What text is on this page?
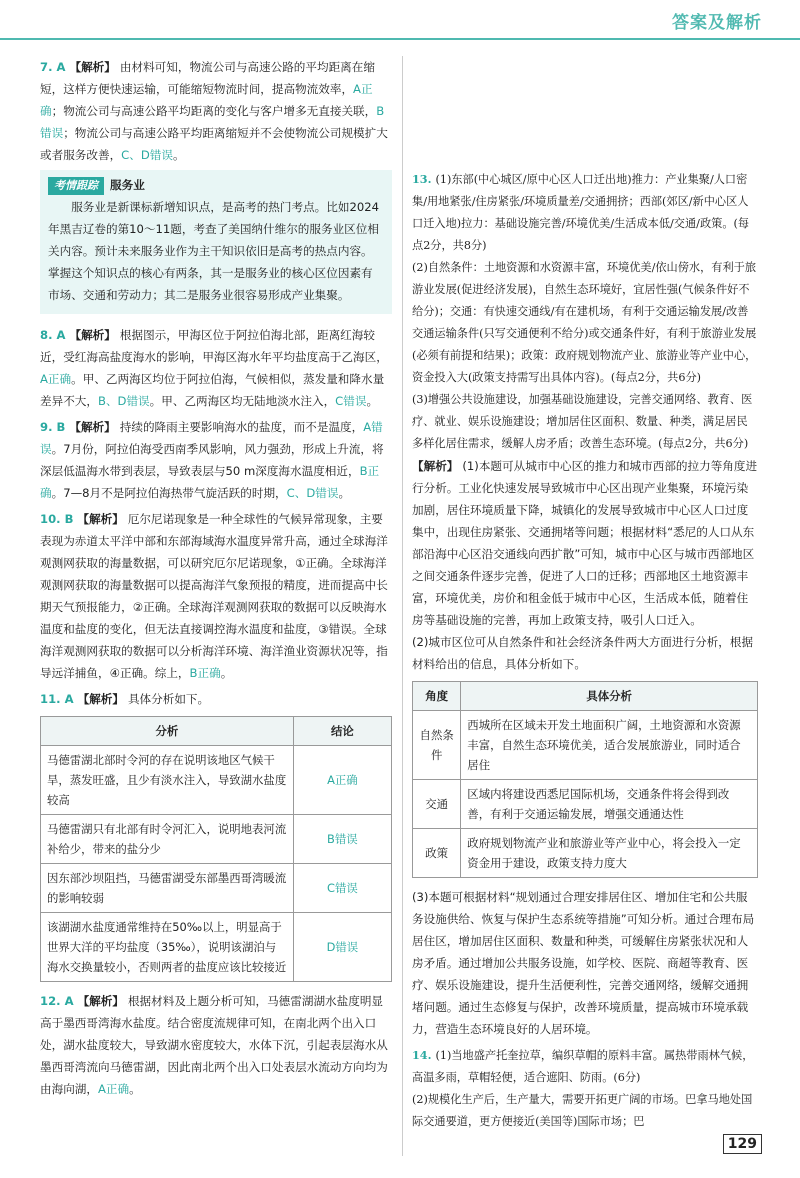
答案及解析

7. A 【解析】 由材料可知，物流公司与高速公路的平均距离在缩短，这样方便快速运输，可能缩短物流时间，提高物流效率，A正确；物流公司与高速公路平均距离的变化与客户增多无直接关联，B错误；物流公司与高速公路平均距离缩短并不会使物流公司规模扩大或者服务改善，C、D错误。

考情跟踪 服务业

服务业是新课标新增知识点，是高考的热门考点。比如2024年黑吉辽卷的第10～11题，考查了美国纳什维尔的服务业区位相关内容。预计未来服务业作为主干知识依旧是高考的热点内容。掌握这个知识点的核心有两条，其一是服务业的核心区位因素有市场、交通和劳动力；其二是服务业很容易形成产业集聚。

8. A 【解析】 根据图示，甲海区位于阿拉伯海北部，距离红海较近，受红海高盐度海水的影响，甲海区海水年平均盐度高于乙海区，A正确。甲、乙两海区均位于阿拉伯海，气候相似，蒸发量和降水量差异不大，B、D错误。甲、乙两海区均无陆地淡水注入，C错误。

9. B 【解析】 持续的降雨主要影响海水的盐度，而不是温度，A错误。7月份，阿拉伯海受西南季风影响，风力强劲，形成上升流，将深层低温海水带到表层，导致表层与50 m深度海水温度相近，B正确。7—8月不是阿拉伯海热带气旋活跃的时期，C、D错误。

10. B 【解析】 厄尔尼诺现象是一种全球性的气候异常现象，主要表现为赤道太平洋中部和东部海域海水温度异常升高，通过全球海洋观测网获取的海量数据，可以研究厄尔尼诺现象，①正确。全球海洋观测网获取的海量数据可以提高海洋气象预报的精度，进而提高中长期天气预报能力，②正确。全球海洋观测网获取的数据可以反映海水温度和盐度的变化，但无法直接调控海水温度和盐度，③错误。全球海洋观测网获取的数据可以分析海洋环境、海洋渔业资源状况等，指导远洋捕鱼，④正确。综上，B正确。

11. A 【解析】 具体分析如下。

分析	结论
马德雷湖北部时令河的存在说明该地区气候干旱，蒸发旺盛，且少有淡水注入，导致湖水盐度较高	A正确
马德雷湖只有北部有时令河汇入，说明地表河流补给少，带来的盐分少	B错误
因东部沙坝阻挡，马德雷湖受东部墨西哥湾暖流的影响较弱	C错误
该湖湖水盐度通常维持在50‰以上，明显高于世界大洋的平均盐度（35‰），说明该湖泊与海水交换量较小，否则两者的盐度应该比较接近	D错误

12. A 【解析】 根据材料及上题分析可知，马德雷湖湖水盐度明显高于墨西哥湾海水盐度。结合密度流规律可知，在南北两个出入口处，湖水盐度较大，导致湖水密度较大，水体下沉，引起表层海水从墨西哥湾流向马德雷湖，因此南北两个出入口处表层水流动方向均为由海向湖，A正确。

13. (1)东部(中心城区/原中心区人口迁出地)推力：产业集聚/人口密集/用地紧张/住房紧张/环境质量差/交通拥挤；西部(郊区/新中心区人口迁入地)拉力：基础设施完善/环境优美/生活成本低/交通/政策。(每点2分，共8分)

(2)自然条件：土地资源和水资源丰富，环境优美/依山傍水，有利于旅游业发展(促进经济发展)，自然生态环境好，宜居性强(气候条件好不给分)；交通：有快速交通线/有在建机场，有利于交通运输发展/改善交通运输条件(只写交通便利不给分)或交通条件好，有利于旅游业发展(必须有前提和结果)；政策：政府规划物流产业、旅游业等产业中心，资金投入大(政策支持需写出具体内容)。(每点2分，共6分)

(3)增强公共设施建设，加强基础设施建设，完善交通网络、教育、医疗、就业、娱乐设施建设；增加居住区面积、数量、种类，满足居民多样化居住需求，缓解人房矛盾；改善生态环境。(每点2分，共6分)

【解析】 (1)本题可从城市中心区的推力和城市西部的拉力等角度进行分析。工业化快速发展导致城市中心区出现产业集聚，环境污染加剧，居住环境质量下降，城镇化的发展导致城市中心区人口过度集中，出现住房紧张、交通拥堵等问题；根据材料“悉尼的人口从东部沿海中心区沿交通线向西扩散”可知，城市中心区与城市西部地区之间交通条件逐步完善，促进了人口的迁移；西部地区土地资源丰富，环境优美，房价和租金低于城市中心区，生活成本低，随着住房等基础设施的完善，再加上政策支持，吸引人口迁入。

(2)城市区位可从自然条件和社会经济条件两大方面进行分析，根据材料给出的信息，具体分析如下。

角度	具体分析
自然条件	西城所在区域未开发土地面积广阔，土地资源和水资源丰富，自然生态环境优美，适合发展旅游业，同时适合居住
交通	区域内将建设西悉尼国际机场，交通条件将会得到改善，有利于交通运输发展，增强交通通达性
政策	政府规划物流产业和旅游业等产业中心，将会投入一定资金用于建设，政策支持力度大

(3)本题可根据材料“规划通过合理安排居住区、增加住宅和公共服务设施供给、恢复与保护生态系统等措施”可知分析。通过合理布局居住区，增加居住区面积、数量和种类，可缓解住房紧张状况和人房矛盾。通过增加公共服务设施，如学校、医院、商超等教育、医疗、娱乐设施建设，提升生活便利性，完善交通网络，缓解交通拥堵问题。通过生态修复与保护，改善环境质量，提高城市环境承载力，营造生态环境良好的人居环境。

14. (1)当地盛产托奎拉草，编织草帽的原料丰富。属热带雨林气候，高温多雨，草帽轻便，适合遮阳、防雨。(6分)

(2)规模化生产后，生产量大，需要开拓更广阔的市场。巴拿马地处国际交通要道，更方便接近(美国等)国际市场；巴

129
